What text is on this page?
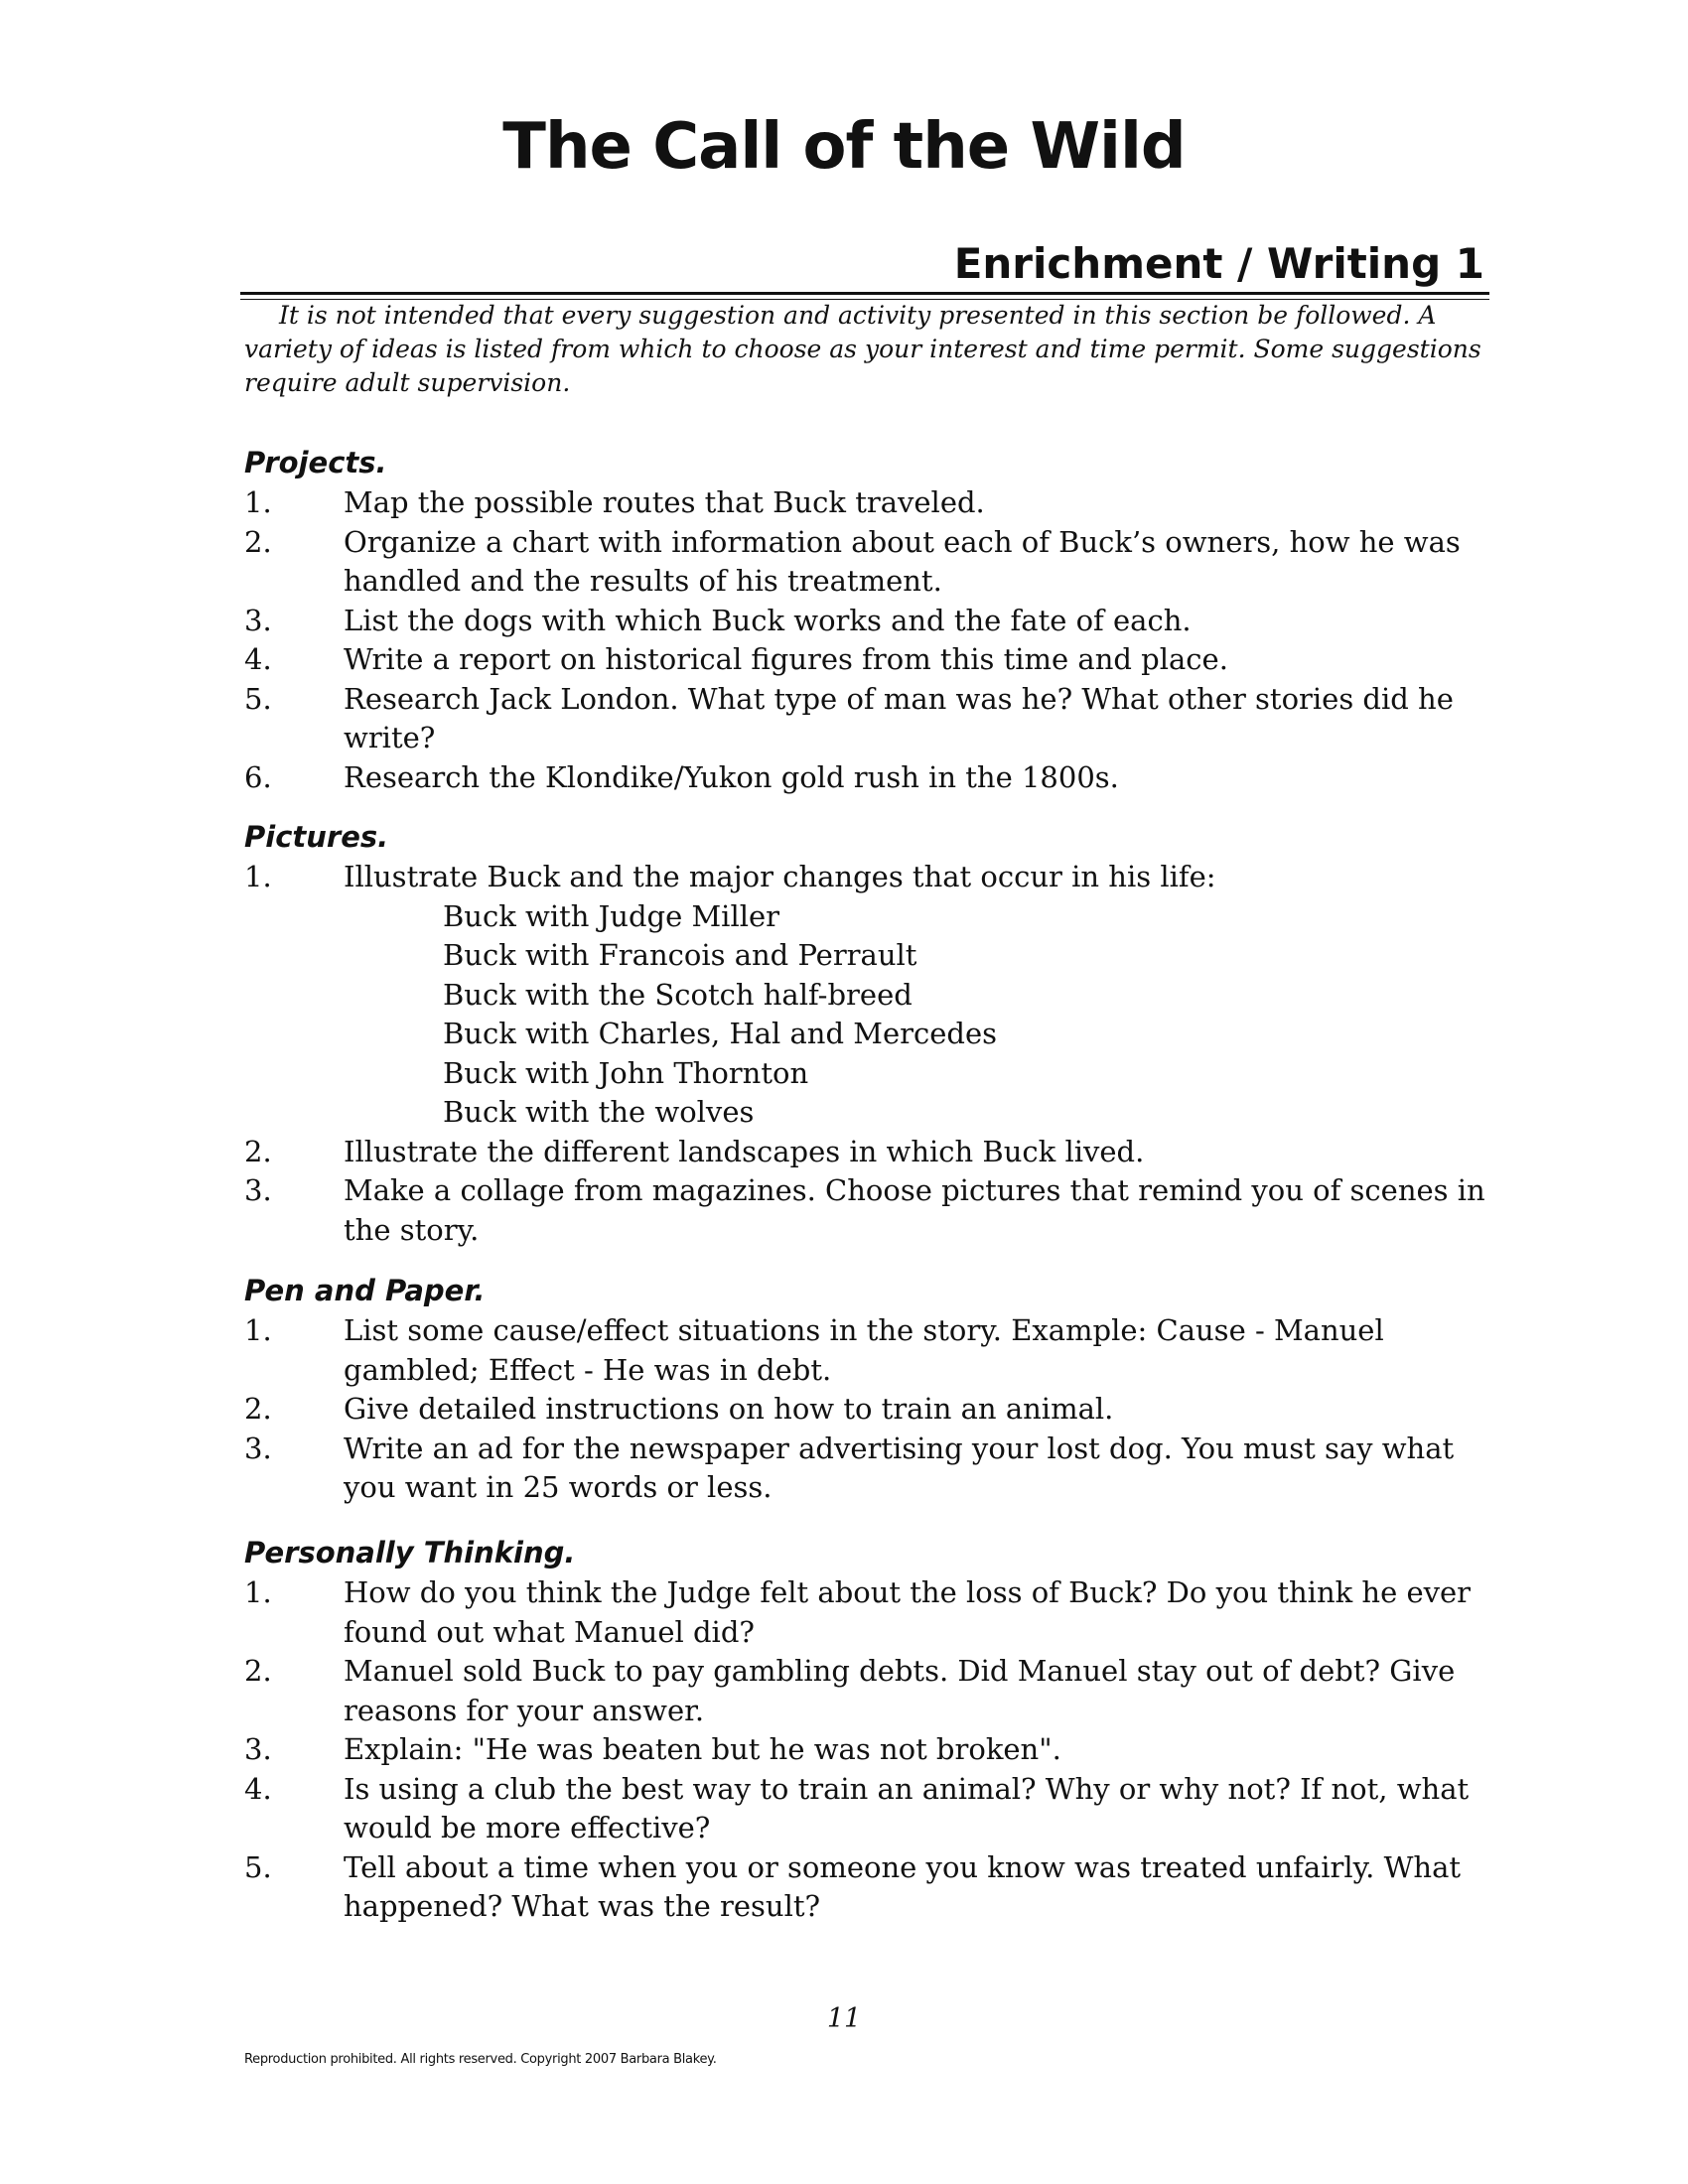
The Call of the Wild
Enrichment / Writing 1

It is not intended that every suggestion and activity presented in this section be followed. A variety of ideas is listed from which to choose as your interest and time permit. Some suggestions require adult supervision.

Projects.
1.	Map the possible routes that Buck traveled.
2.	Organize a chart with information about each of Buck’s owners, how he was handled and the results of his treatment.
3.	List the dogs with which Buck works and the fate of each.
4.	Write a report on historical figures from this time and place.
5.	Research Jack London. What type of man was he? What other stories did he write?
6.	Research the Klondike/Yukon gold rush in the 1800s.
Pictures.
1.	Illustrate Buck and the major changes that occur in his life:
Buck with Judge Miller
Buck with Francois and Perrault
Buck with the Scotch half-breed
Buck with Charles, Hal and Mercedes
Buck with John Thornton
Buck with the wolves
2.	Illustrate the different landscapes in which Buck lived.
3.	Make a collage from magazines. Choose pictures that remind you of scenes in the story.
Pen and Paper.
1.	List some cause/effect situations in the story. Example: Cause - Manuel gambled; Effect - He was in debt.
2.	Give detailed instructions on how to train an animal.
3.	Write an ad for the newspaper advertising your lost dog. You must say what you want in 25 words or less.
Personally Thinking.
1.	How do you think the Judge felt about the loss of Buck? Do you think he ever found out what Manuel did?
2.	Manuel sold Buck to pay gambling debts. Did Manuel stay out of debt? Give reasons for your answer.
3.	Explain: "He was beaten but he was not broken".
4.	Is using a club the best way to train an animal? Why or why not? If not, what would be more effective?
5.	Tell about a time when you or someone you know was treated unfairly. What happened? What was the result?
11
Reproduction prohibited. All rights reserved. Copyright 2007 Barbara Blakey.
